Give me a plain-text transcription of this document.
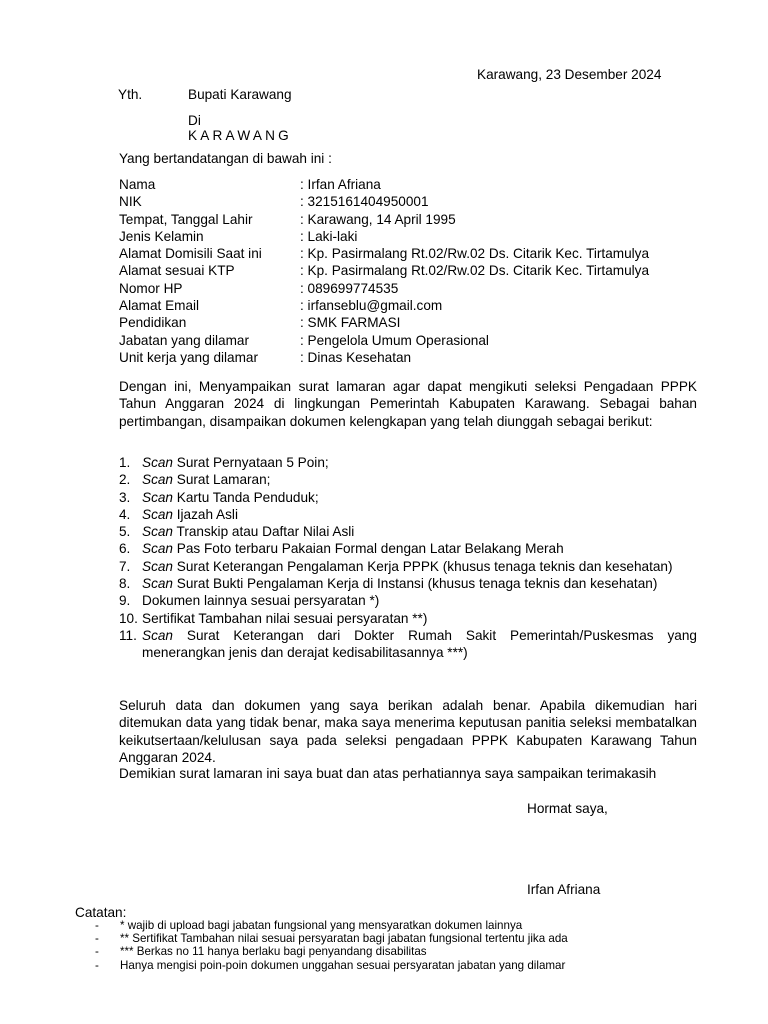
Karawang, 23 Desember 2024
Yth.	Bupati Karawang
Di
KARAWANG
Yang bertandatangan di bawah ini :
Nama	: Irfan Afriana
NIK	: 3215161404950001
Tempat, Tanggal Lahir	: Karawang, 14 April 1995
Jenis Kelamin	: Laki-laki
Alamat Domisili Saat ini	: Kp. Pasirmalang Rt.02/Rw.02 Ds. Citarik Kec. Tirtamulya
Alamat sesuai KTP	: Kp. Pasirmalang Rt.02/Rw.02 Ds. Citarik Kec. Tirtamulya
Nomor HP	: 089699774535
Alamat Email	: irfanseblu@gmail.com
Pendidikan	: SMK FARMASI
Jabatan yang dilamar	: Pengelola Umum Operasional
Unit kerja yang dilamar	: Dinas Kesehatan
Dengan ini, Menyampaikan surat lamaran agar dapat mengikuti seleksi Pengadaan PPPK Tahun Anggaran 2024 di lingkungan Pemerintah Kabupaten Karawang. Sebagai bahan pertimbangan, disampaikan dokumen kelengkapan yang telah diunggah sebagai berikut:
1. Scan Surat Pernyataan 5 Poin;
2. Scan Surat Lamaran;
3. Scan Kartu Tanda Penduduk;
4. Scan Ijazah Asli
5. Scan Transkip atau Daftar Nilai Asli
6. Scan Pas Foto terbaru Pakaian Formal dengan Latar Belakang Merah
7. Scan Surat Keterangan Pengalaman Kerja PPPK (khusus tenaga teknis dan kesehatan)
8. Scan Surat Bukti Pengalaman Kerja di Instansi (khusus tenaga teknis dan kesehatan)
9. Dokumen lainnya sesuai persyaratan *)
10. Sertifikat Tambahan nilai sesuai persyaratan **)
11. Scan Surat Keterangan dari Dokter Rumah Sakit Pemerintah/Puskesmas yang menerangkan jenis dan derajat kedisabilitasannya ***)
Seluruh data dan dokumen yang saya berikan adalah benar. Apabila dikemudian hari ditemukan data yang tidak benar, maka saya menerima keputusan panitia seleksi membatalkan keikutsertaan/kelulusan saya pada seleksi pengadaan PPPK Kabupaten Karawang Tahun Anggaran 2024.
Demikian surat lamaran ini saya buat dan atas perhatiannya saya sampaikan terimakasih
Hormat saya,
Irfan Afriana
Catatan:
-	* wajib di upload bagi jabatan fungsional yang mensyaratkan dokumen lainnya
-	** Sertifikat Tambahan nilai sesuai persyaratan bagi jabatan fungsional tertentu jika ada
-	*** Berkas no 11 hanya berlaku bagi penyandang disabilitas
-	Hanya mengisi poin-poin dokumen unggahan sesuai persyaratan jabatan yang dilamar
